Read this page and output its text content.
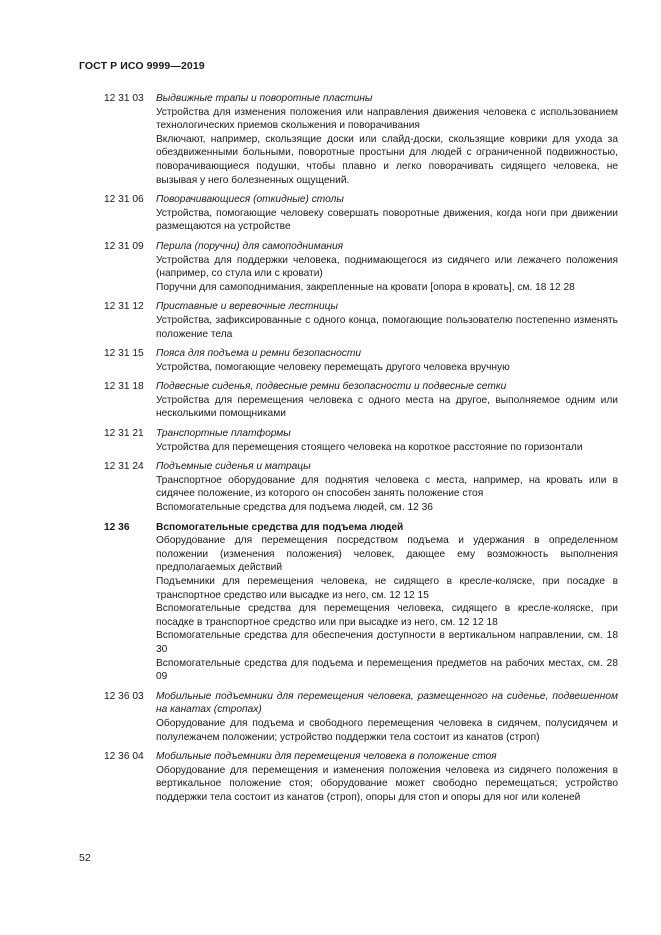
ГОСТ Р ИСО 9999—2019
12 31 03	Выдвижные трапы и поворотные пластины
Устройства для изменения положения или направления движения человека с использованием технологических приемов скольжения и поворачивания
Включают, например, скользящие доски или слайд-доски, скользящие коврики для ухода за обездвиженными больными, поворотные простыни для людей с ограниченной подвижностью, поворачивающиеся подушки, чтобы плавно и легко поворачивать сидящего человека, не вызывая у него болезненных ощущений.
12 31 06	Поворачивающиеся (откидные) столы
Устройства, помогающие человеку совершать поворотные движения, когда ноги при движении размещаются на устройстве
12 31 09	Перила (поручни) для самоподнимания
Устройства для поддержки человека, поднимающегося из сидячего или лежачего положения (например, со стула или с кровати)
Поручни для самоподнимания, закрепленные на кровати [опора в кровать], см. 18 12 28
12 31 12	Приставные и веревочные лестницы
Устройства, зафиксированные с одного конца, помогающие пользователю постепенно изменять положение тела
12 31 15	Пояса для подъема и ремни безопасности
Устройства, помогающие человеку перемещать другого человека вручную
12 31 18	Подвесные сиденья, подвесные ремни безопасности и подвесные сетки
Устройства для перемещения человека с одного места на другое, выполняемое одним или несколькими помощниками
12 31 21	Транспортные платформы
Устройства для перемещения стоящего человека на короткое расстояние по горизонтали
12 31 24	Подъемные сиденья и матрацы
Транспортное оборудование для поднятия человека с места, например, на кровать или в сидячее положение, из которого он способен занять положение стоя
Вспомогательные средства для подъема людей, см. 12 36
12 36	Вспомогательные средства для подъема людей
Оборудование для перемещения посредством подъема и удержания в определенном положении (изменения положения) человек, дающее ему возможность выполнения предполагаемых действий
Подъемники для перемещения человека, не сидящего в кресле-коляске, при посадке в транспортное средство или высадке из него, см. 12 12 15
Вспомогательные средства для перемещения человека, сидящего в кресле-коляске, при посадке в транспортное средство или при высадке из него, см. 12 12 18
Вспомогательные средства для обеспечения доступности в вертикальном направлении, см. 18 30
Вспомогательные средства для подъема и перемещения предметов на рабочих местах, см. 28 09
12 36 03	Мобильные подъемники для перемещения человека, размещенного на сиденье, подвешенном на канатах (стропах)
Оборудование для подъема и свободного перемещения человека в сидячем, полусидячем и полулежачем положении; устройство поддержки тела состоит из канатов (строп)
12 36 04	Мобильные подъемники для перемещения человека в положение стоя
Оборудование для перемещения и изменения положения человека из сидячего положения в вертикальное положение стоя; оборудование может свободно перемещаться; устройство поддержки тела состоит из канатов (строп), опоры для стоп и опоры для ног или коленей
52
